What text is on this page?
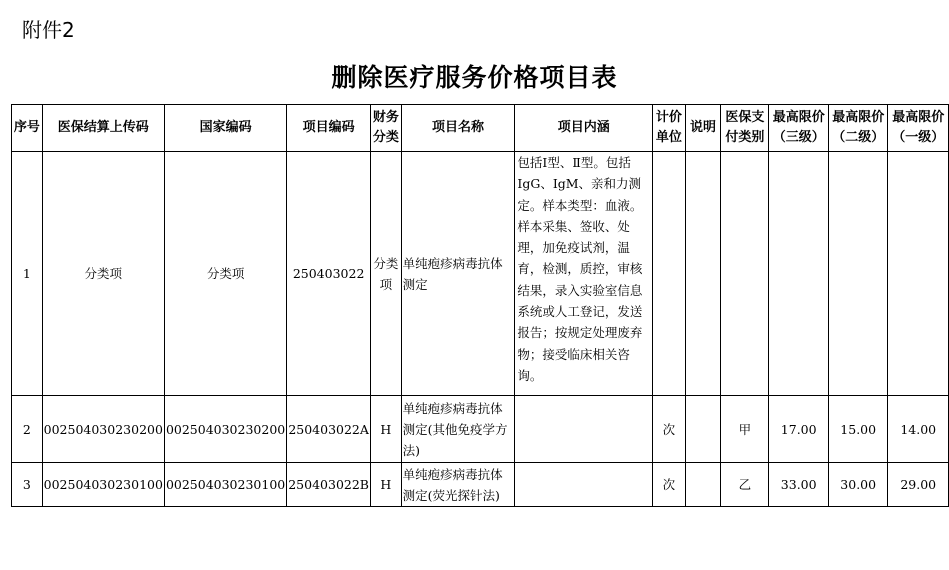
附件2
删除医疗服务价格项目表
序号	医保结算上传码	国家编码	项目编码	财务分类	项目名称	项目内涵	计价单位	说明	医保支付类别	最高限价（三级）	最高限价（二级）	最高限价（一级）
1	分类项	分类项	250403022	分类项	单纯疱疹病毒抗体测定	包括Ⅰ型、Ⅱ型。包括IgG、IgM、亲和力测定。样本类型：血液。样本采集、签收、处理，加免疫试剂，温育，检测，质控，审核结果，录入实验室信息系统或人工登记，发送报告；按规定处理废弃物；接受临床相关咨询。						
2	002504030230200	002504030230200	250403022A	H	单纯疱疹病毒抗体测定(其他免疫学方法)		次		甲	17.00	15.00	14.00
3	002504030230100	002504030230100	250403022B	H	单纯疱疹病毒抗体测定(荧光探针法)		次		乙	33.00	30.00	29.00
